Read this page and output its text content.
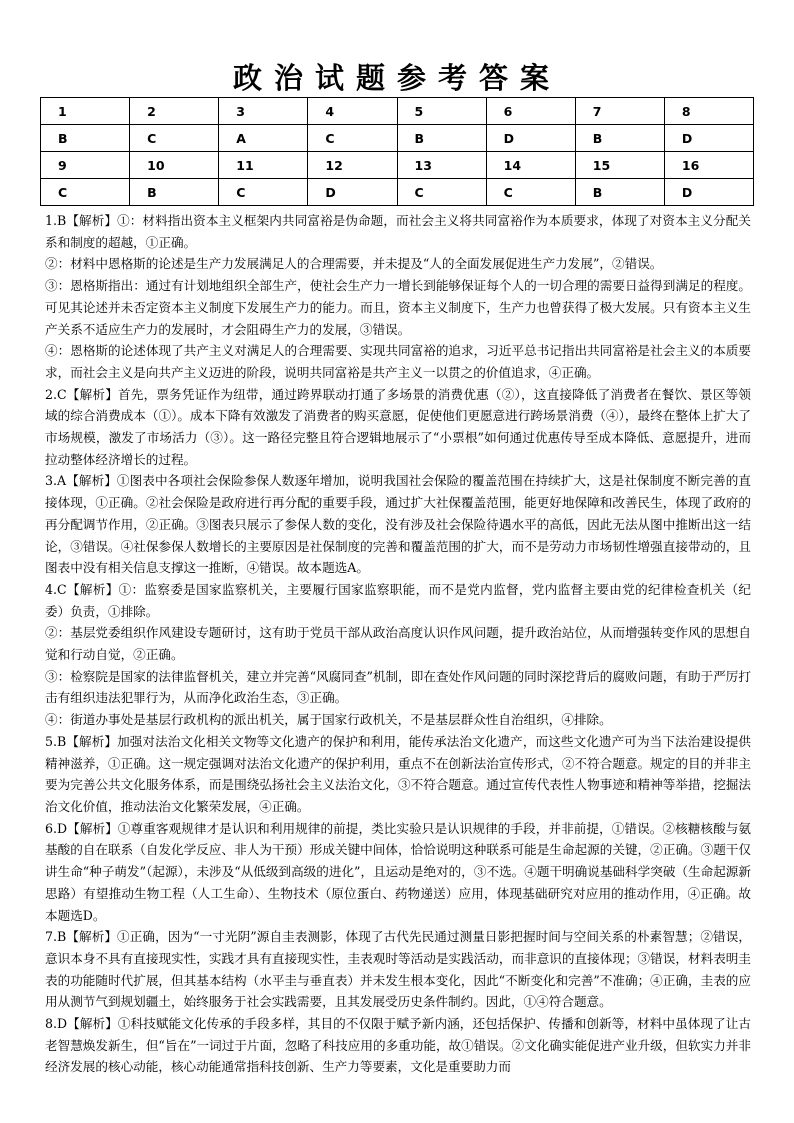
政治试题参考答案
1	2	3	4	5	6	7	8
B	C	A	C	B	D	B	D
9	10	11	12	13	14	15	16
C	B	C	D	C	C	B	D

1.B【解析】①：材料指出资本主义框架内共同富裕是伪命题，而社会主义将共同富裕作为本质要求，体现了对资本主义分配关系和制度的超越，①正确。

②：材料中恩格斯的论述是生产力发展满足人的合理需要，并未提及“人的全面发展促进生产力发展”，②错误。

③：恩格斯指出：通过有计划地组织全部生产，使社会生产力一增长到能够保证每个人的一切合理的需要日益得到满足的程度。可见其论述并未否定资本主义制度下发展生产力的能力。而且，资本主义制度下，生产力也曾获得了极大发展。只有资本主义生产关系不适应生产力的发展时，才会阻碍生产力的发展，③错误。

④：恩格斯的论述体现了共产主义对满足人的合理需要、实现共同富裕的追求，习近平总书记指出共同富裕是社会主义的本质要求，而社会主义是向共产主义迈进的阶段，说明共同富裕是共产主义一以贯之的价值追求，④正确。

2.C【解析】首先，票务凭证作为纽带，通过跨界联动打通了多场景的消费优惠（②），这直接降低了消费者在餐饮、景区等领域的综合消费成本（①）。成本下降有效激发了消费者的购买意愿，促使他们更愿意进行跨场景消费（④），最终在整体上扩大了市场规模，激发了市场活力（③）。这一路径完整且符合逻辑地展示了“小票根”如何通过优惠传导至成本降低、意愿提升，进而拉动整体经济增长的过程。

3.A【解析】①图表中各项社会保险参保人数逐年增加，说明我国社会保险的覆盖范围在持续扩大，这是社保制度不断完善的直接体现，①正确。②社会保险是政府进行再分配的重要手段，通过扩大社保覆盖范围，能更好地保障和改善民生，体现了政府的再分配调节作用，②正确。③图表只展示了参保人数的变化，没有涉及社会保险待遇水平的高低，因此无法从图中推断出这一结论，③错误。④社保参保人数增长的主要原因是社保制度的完善和覆盖范围的扩大，而不是劳动力市场韧性增强直接带动的，且图表中没有相关信息支撑这一推断，④错误。故本题选A。

4.C【解析】①：监察委是国家监察机关，主要履行国家监察职能，而不是党内监督，党内监督主要由党的纪律检查机关（纪委）负责，①排除。

②：基层党委组织作风建设专题研讨，这有助于党员干部从政治高度认识作风问题，提升政治站位，从而增强转变作风的思想自觉和行动自觉，②正确。

③：检察院是国家的法律监督机关，建立并完善“风腐同查”机制，即在查处作风问题的同时深挖背后的腐败问题，有助于严厉打击有组织违法犯罪行为，从而净化政治生态，③正确。

④：街道办事处是基层行政机构的派出机关，属于国家行政机关，不是基层群众性自治组织，④排除。

5.B【解析】加强对法治文化相关文物等文化遗产的保护和利用，能传承法治文化遗产，而这些文化遗产可为当下法治建设提供精神滋养，①正确。这一规定强调对法治文化遗产的保护利用，重点不在创新法治宣传形式，②不符合题意。规定的目的并非主要为完善公共文化服务体系，而是围绕弘扬社会主义法治文化，③不符合题意。通过宣传代表性人物事迹和精神等举措，挖掘法治文化价值，推动法治文化繁荣发展，④正确。

6.D【解析】①尊重客观规律才是认识和利用规律的前提，类比实验只是认识规律的手段，并非前提，①错误。②核糖核酸与氨基酸的自在联系（自发化学反应、非人为干预）形成关键中间体，恰恰说明这种联系可能是生命起源的关键，②正确。③题干仅讲生命“种子萌发”（起源），未涉及“从低级到高级的进化”，且运动是绝对的，③不选。④题干明确说基础科学突破（生命起源新思路）有望推动生物工程（人工生命）、生物技术（原位蛋白、药物递送）应用，体现基础研究对应用的推动作用，④正确。故本题选D。

7.B【解析】①正确，因为“一寸光阴”源自圭表测影，体现了古代先民通过测量日影把握时间与空间关系的朴素智慧；②错误，意识本身不具有直接现实性，实践才具有直接现实性，圭表观时等活动是实践活动，而非意识的直接体现；③错误，材料表明圭表的功能随时代扩展，但其基本结构（水平圭与垂直表）并未发生根本变化，因此“不断变化和完善”不准确；④正确，圭表的应用从测节气到规划疆土，始终服务于社会实践需要，且其发展受历史条件制约。因此，①④符合题意。

8.D【解析】①科技赋能文化传承的手段多样，其目的不仅限于赋予新内涵，还包括保护、传播和创新等，材料中虽体现了让古老智慧焕发新生，但“旨在”一词过于片面，忽略了科技应用的多重功能，故①错误。②文化确实能促进产业升级，但软实力并非经济发展的核心动能，核心动能通常指科技创新、生产力等要素，文化是重要助力而
